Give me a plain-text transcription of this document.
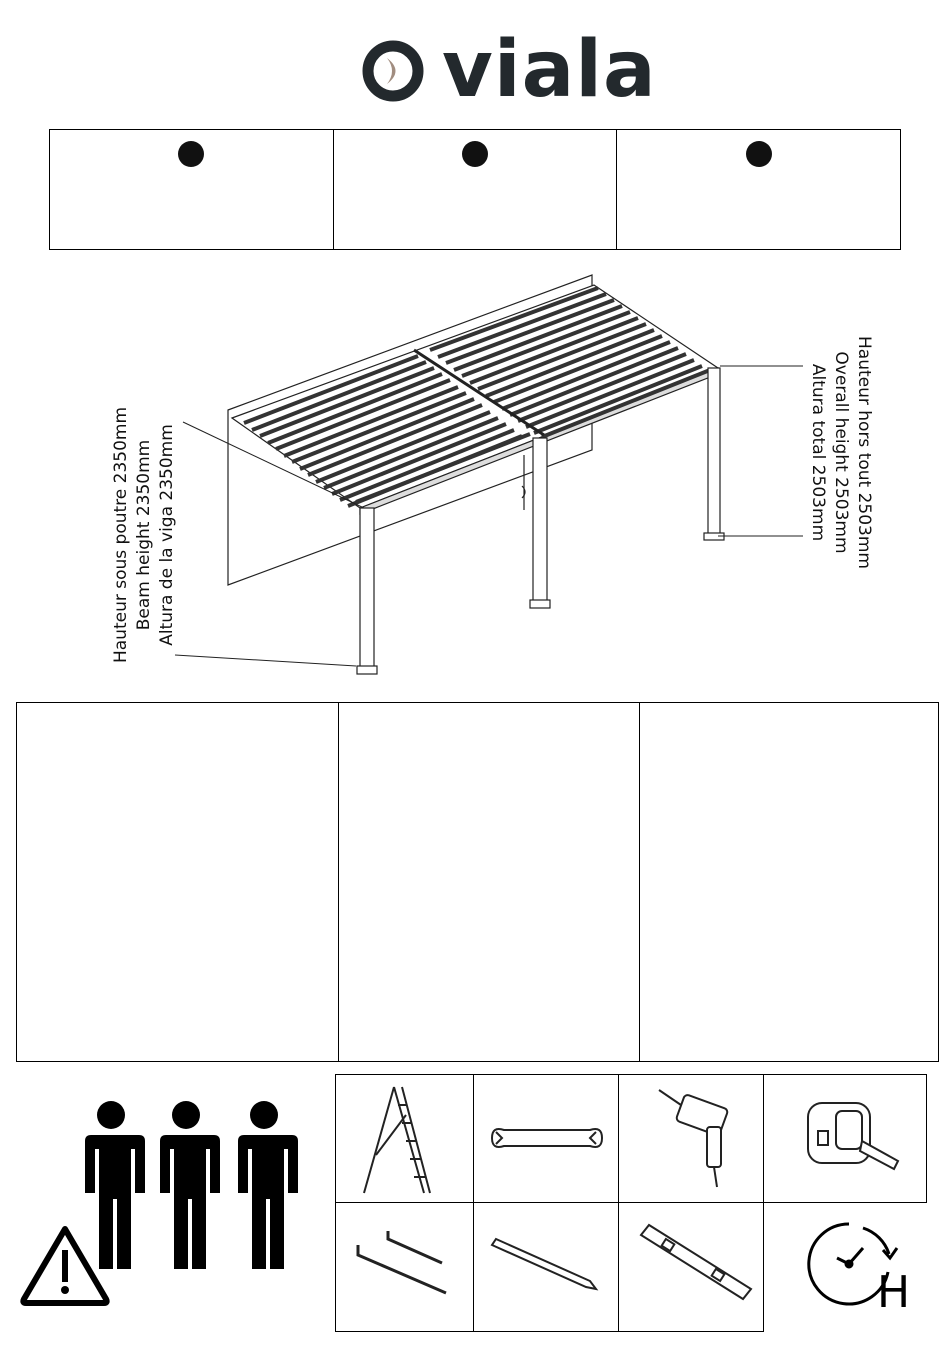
viala
Hauteur sous poutre 2350mm Beam height 2350mm Altura de la viga 2350mm	Hauteur hors tout 2503mm
Overall height 2503mm
Altura total 2503mm
H
